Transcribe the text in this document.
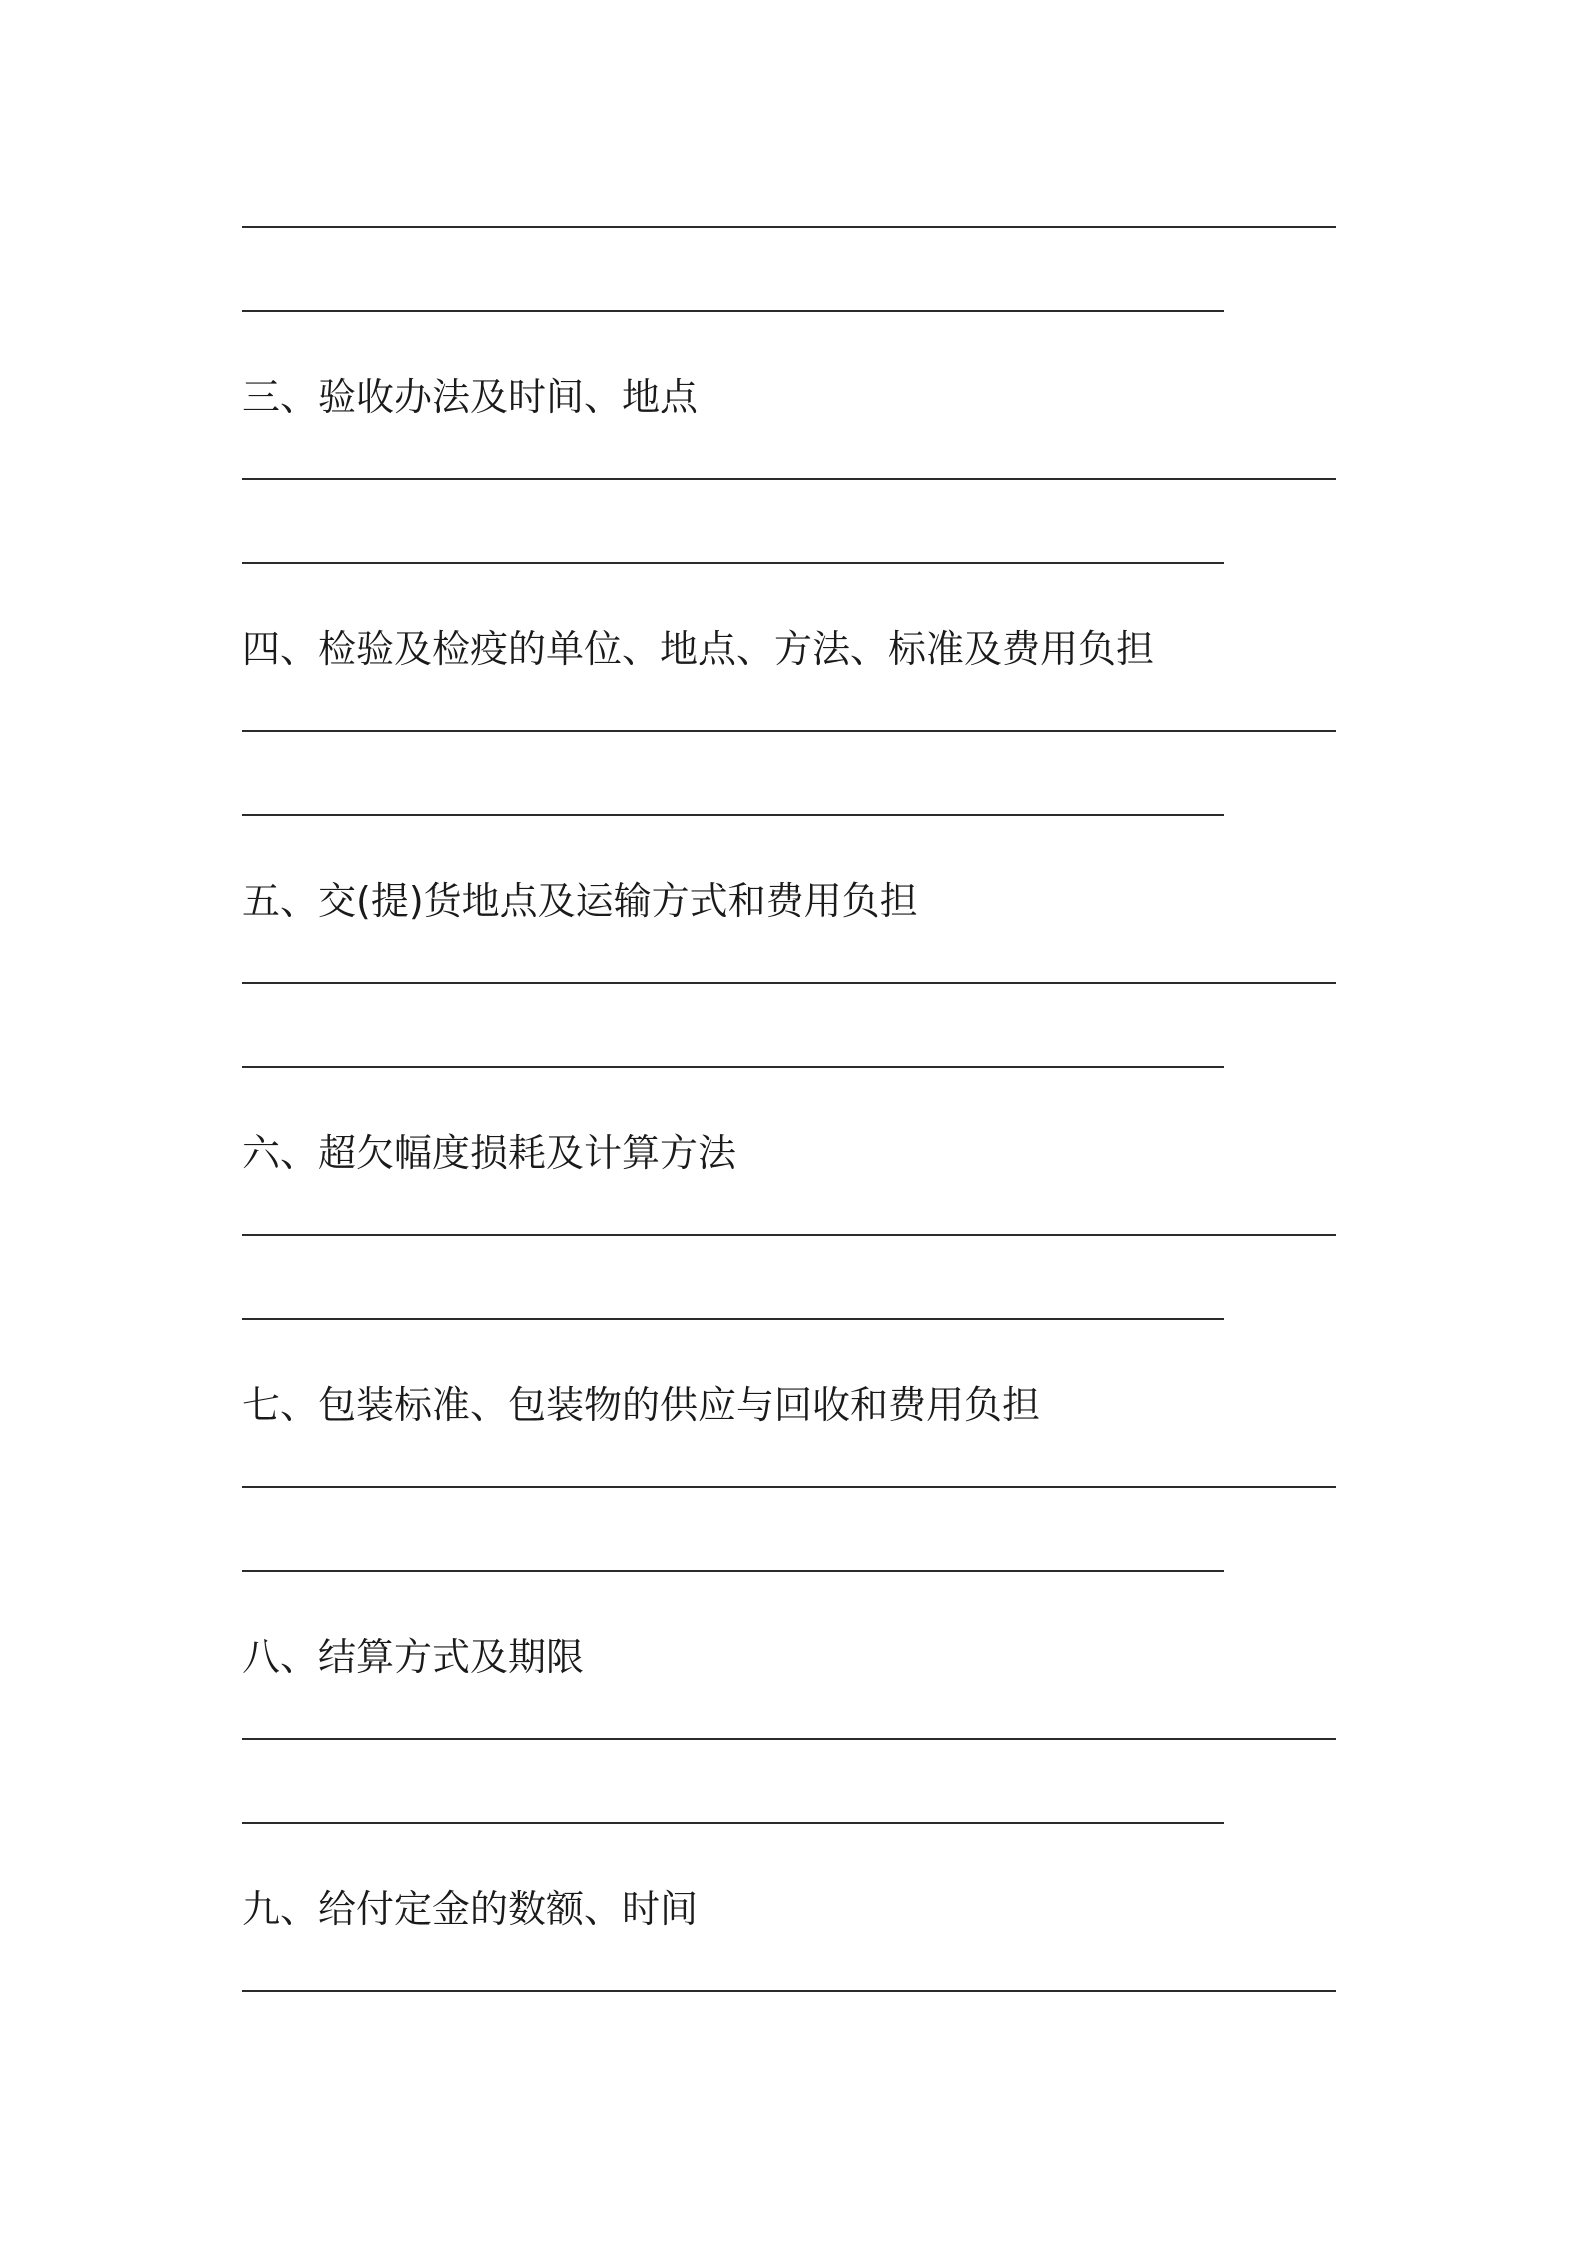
三、验收办法及时间、地点
四、检验及检疫的单位、地点、方法、标准及费用负担
五、交(提)货地点及运输方式和费用负担
六、超欠幅度损耗及计算方法
七、包装标准、包装物的供应与回收和费用负担
八、结算方式及期限
九、给付定金的数额、时间
